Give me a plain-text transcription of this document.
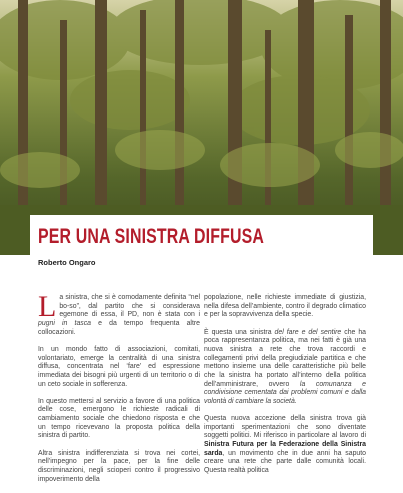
PER UNA SINISTRA DIFFUSA
Roberto Ongaro

La sinistra, che si è comodamente definita “nel bo-so”, dal partito che si considerava egemone di essa, il PD, non è stata con i pugni in tasca e da tempo frequenta altre collocazioni.

In un mondo fatto di associazioni, comitati, volontariato, emerge la centralità di una sinistra diffusa, concentrata nel ‘fare’ ed espressione immediata dei bisogni più urgenti di un territorio o di un ceto sociale in sofferenza.

In questo mettersi al servizio a favore di una politica delle cose, emergono le richieste radicali di cambiamento sociale che chiedono risposta e che un tempo ricevevano la proposta politica della sinistra di partito.

Altra sinistra indifferenziata si trova nei cortei, nell’impegno per la pace, per la fine delle discriminazioni, negli scioperi contro il progressivo impoverimento della

popolazione, nelle richieste immediate di giustizia, nella difesa dell’ambiente, contro il degrado climatico e per la sopravvivenza della specie.

È questa una sinistra del fare e del sentire che ha poca rappresentanza politica, ma nei fatti è già una nuova sinistra a rete che trova raccordi e collegamenti privi della pregiudiziale partitica e che mettono insieme una delle caratteristiche più belle che la sinistra ha portato all’interno della politica dell’amministrare, ovvero la comunanza e condivisione cementata dai problemi comuni e dalla volontà di cambiare la società.

Questa nuova accezione della sinistra trova già importanti sperimentazioni che sono diventate soggetti politici. Mi riferisco in particolare al lavoro di Sinistra Futura per la Federazione della Sinistra sarda, un movimento che in due anni ha saputo creare una rete che parte dalle comunità locali. Questa realtà politica
